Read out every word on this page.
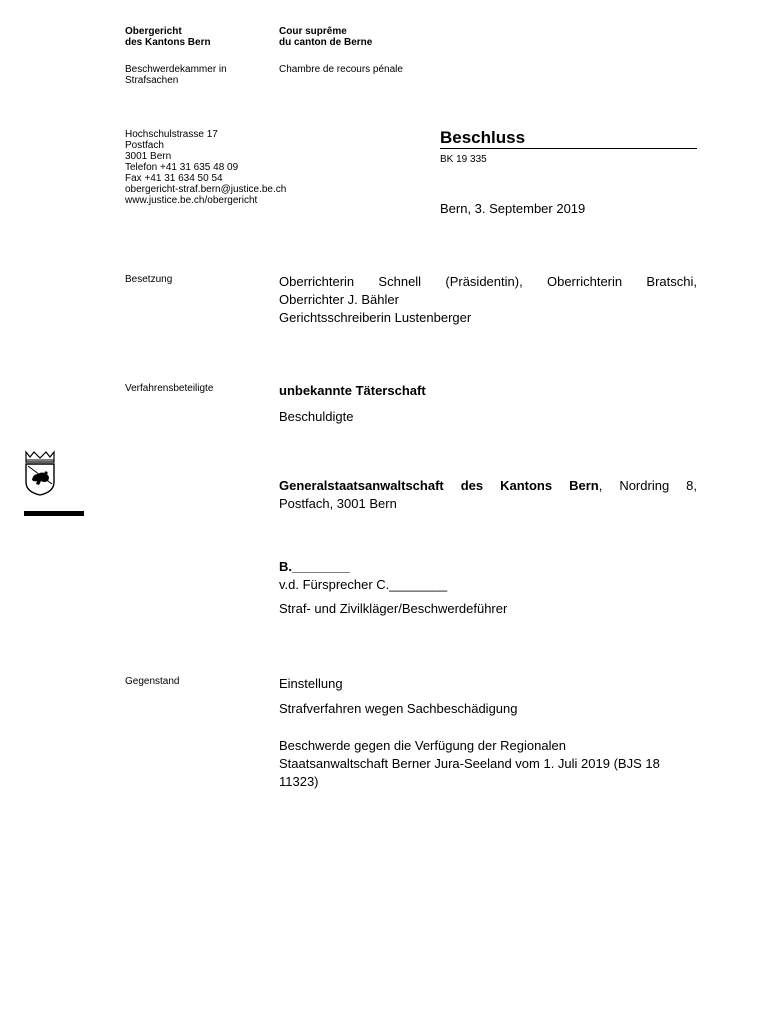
Obergericht
des Kantons Bern
Cour suprême
du canton de Berne
Beschwerdekammer in
Strafsachen
Chambre de recours pénale
Hochschulstrasse 17
Postfach
3001 Bern
Telefon +41 31 635 48 09
Fax +41 31 634 50 54
obergericht-straf.bern@justice.be.ch
www.justice.be.ch/obergericht
Beschluss
BK 19 335
Bern, 3. September 2019
Besetzung	Oberrichterin Schnell (Präsidentin), Oberrichterin Bratschi,
Oberrichter J. Bähler
Gerichtsschreiberin Lustenberger
Verfahrensbeteiligte	unbekannte Täterschaft
Beschuldigte
Generalstaatsanwaltschaft des Kantons Bern, Nordring 8,
Postfach, 3001 Bern
B.________
v.d. Fürsprecher C.________
Straf- und Zivilkläger/Beschwerdeführer
Gegenstand	Einstellung
Strafverfahren wegen Sachbeschädigung
Beschwerde gegen die Verfügung der Regionalen
Staatsanwaltschaft Berner Jura-Seeland vom 1. Juli 2019 (BJS 18
11323)
